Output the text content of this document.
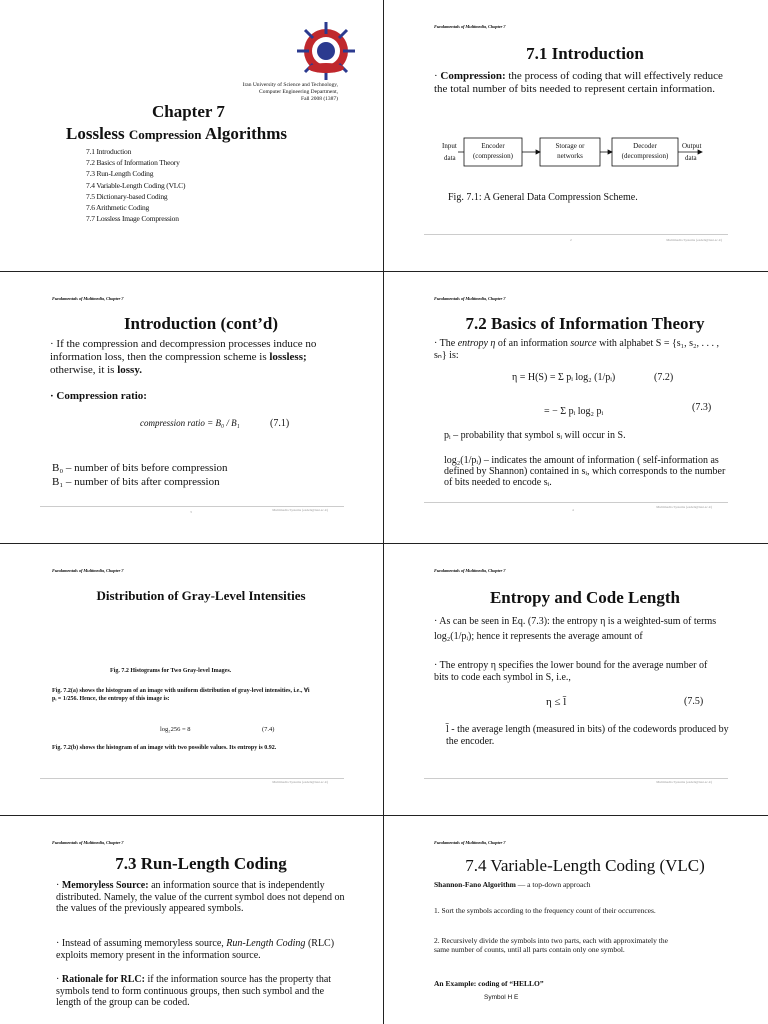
Iran University of Science and Technology,
Computer Engineering Department,
Fall 2008 (1387)
Chapter 7
Lossless Compression Algorithms
7.1 Introduction
7.2 Basics of Information Theory
7.3 Run-Length Coding
7.4 Variable-Length Coding (VLC)
7.5 Dictionary-based Coding
7.6 Arithmetic Coding
7.7 Lossless Image Compression
Fundamentals of Multimedia, Chapter 7
7.1 Introduction

· Compression: the process of coding that will effectively reduce the total number of bits needed to represent certain information.

Input
data
Encoder
(compression)
Storage or
networks
Decoder
(decompression)
Output
data
Fig. 7.1: A General Data Compression Scheme.
2	Multimedia Systems (eadeli@iust.ac.ir)
Fundamentals of Multimedia, Chapter 7
Introduction (cont’d)

· If the compression and decompression processes induce no information loss, then the compression scheme is lossless; otherwise, it is lossy.

· Compression ratio:
compression ratio = B₀ / B₁	(7.1)
B₀ – number of bits before compression
B₁ – number of bits after compression
3	Multimedia Systems (eadeli@iust.ac.ir)
Fundamentals of Multimedia, Chapter 7
7.2 Basics of Information Theory

· The entropy η of an information source with alphabet S = {s₁, s₂, . . . , sₙ} is:

η = H(S) = Σ pᵢ log₂ (1/pᵢ)	(7.2)
= − Σ pᵢ log₂ pᵢ	(7.3)
pᵢ – probability that symbol sᵢ will occur in S.
log₂(1/pᵢ) – indicates the amount of information ( self-information as defined by Shannon) contained in sᵢ, which corresponds to the number of bits needed to encode sᵢ.
4
Multimedia Systems (eadeli@iust.ac.ir)
Fundamentals of Multimedia, Chapter 7
Distribution of Gray-Level Intensities
Fig. 7.2 Histograms for Two Gray-level Images.
Fig. 7.2(a) shows the histogram of an image with uniform distribution of gray-level intensities, i.e., ∀i pᵢ = 1/256. Hence, the entropy of this image is:
log₂256 = 8	(7.4)
Fig. 7.2(b) shows the histogram of an image with two possible values. Its entropy is 0.92.
Multimedia Systems (eadeli@iust.ac.ir)
Fundamentals of Multimedia, Chapter 7
Entropy and Code Length
· As can be seen in Eq. (7.3): the entropy η is a weighted-sum of terms log₂(1/pᵢ); hence it represents the average amount of
· The entropy η specifies the lower bound for the average number of bits to code each symbol in S, i.e.,
η ≤ l̄	(7.5)
l̄ - the average length (measured in bits) of the codewords produced by the encoder.
Multimedia Systems (eadeli@iust.ac.ir)
Fundamentals of Multimedia, Chapter 7
7.3 Run-Length Coding

· Memoryless Source: an information source that is independently distributed. Namely, the value of the current symbol does not depend on the values of the previously appeared symbols.

· Instead of assuming memoryless source, Run-Length Coding (RLC) exploits memory present in the information source.

· Rationale for RLC: if the information source has the property that symbols tend to form continuous groups, then such symbol and the length of the group can be coded.

Fundamentals of Multimedia, Chapter 7
7.4 Variable-Length Coding (VLC)
Shannon-Fano Algorithm — a top-down approach
1. Sort the symbols according to the frequency count of their occurrences.
2. Recursively divide the symbols into two parts, each with approximately the same number of counts, until all parts contain only one symbol.
An Example: coding of “HELLO”
Symbol H E
